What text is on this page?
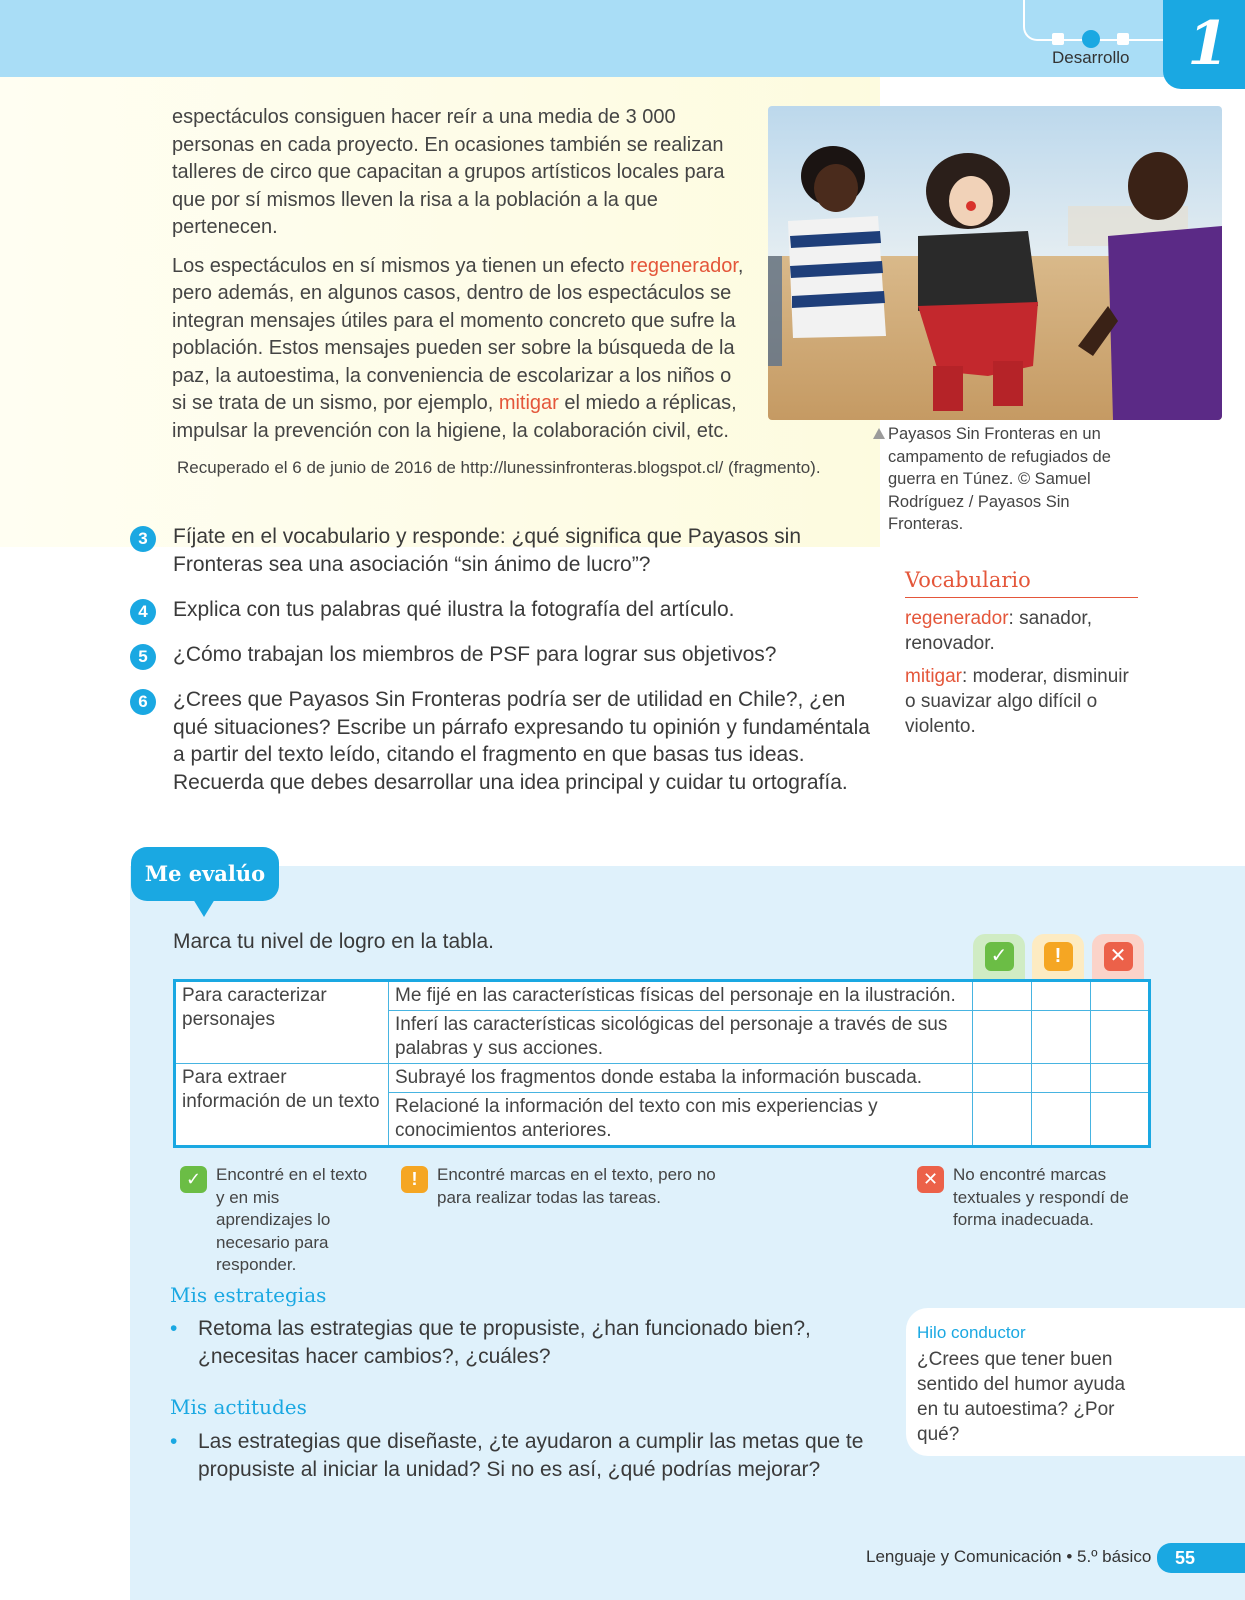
Desarrollo 1

espectáculos consiguen hacer reír a una media de 3 000 personas en cada proyecto. En ocasiones también se realizan talleres de circo que capacitan a grupos artísticos locales para que por sí mismos lleven la risa a la población a la que pertenecen.

Los espectáculos en sí mismos ya tienen un efecto regenerador, pero además, en algunos casos, dentro de los espectáculos se integran mensajes útiles para el momento concreto que sufre la población. Estos mensajes pueden ser sobre la búsqueda de la paz, la autoestima, la conveniencia de escolarizar a los niños o si se trata de un sismo, por ejemplo, mitigar el miedo a réplicas, impulsar la prevención con la higiene, la colaboración civil, etc.

Recuperado el 6 de junio de 2016 de http://lunessinfronteras.blogspot.cl/ (fragmento).
Payasos Sin Fronteras en un campamento de refugiados de guerra en Túnez. © Samuel Rodríguez / Payasos Sin Fronteras.
3	Fíjate en el vocabulario y responde: ¿qué significa que Payasos sin Fronteras sea una asociación “sin ánimo de lucro”?
4	Explica con tus palabras qué ilustra la fotografía del artículo.
5	¿Cómo trabajan los miembros de PSF para lograr sus objetivos?
6	¿Crees que Payasos Sin Fronteras podría ser de utilidad en Chile?, ¿en qué situaciones? Escribe un párrafo expresando tu opinión y fundaméntala a partir del texto leído, citando el fragmento en que basas tus ideas. Recuerda que debes desarrollar una idea principal y cuidar tu ortografía.
Vocabulario
regenerador: sanador, renovador.
mitigar: moderar, disminuir o suavizar algo difícil o violento.
Me evalúo
Marca tu nivel de logro en la tabla.
✓	!	✕
Para caracterizar personajes	Me fijé en las características físicas del personaje en la ilustración.			
	Inferí las características sicológicas del personaje a través de sus palabras y sus acciones.			
Para extraer información de un texto	Subrayé los fragmentos donde estaba la información buscada.			
	Relacioné la información del texto con mis experiencias y conocimientos anteriores.			
✓ Encontré en el texto y en mis aprendizajes lo necesario para responder.
!	Encontré marcas en el texto, pero no para realizar todas las tareas.
✕ No encontré marcas textuales y respondí de forma inadecuada.
Mis estrategias
• Retoma las estrategias que te propusiste, ¿han funcionado bien?, ¿necesitas hacer cambios?, ¿cuáles?
Mis actitudes
• Las estrategias que diseñaste, ¿te ayudaron a cumplir las metas que te propusiste al iniciar la unidad? Si no es así, ¿qué podrías mejorar?
Hilo conductor
¿Crees que tener buen sentido del humor ayuda en tu autoestima? ¿Por qué?
Lenguaje y Comunicación • 5.º básico	55
